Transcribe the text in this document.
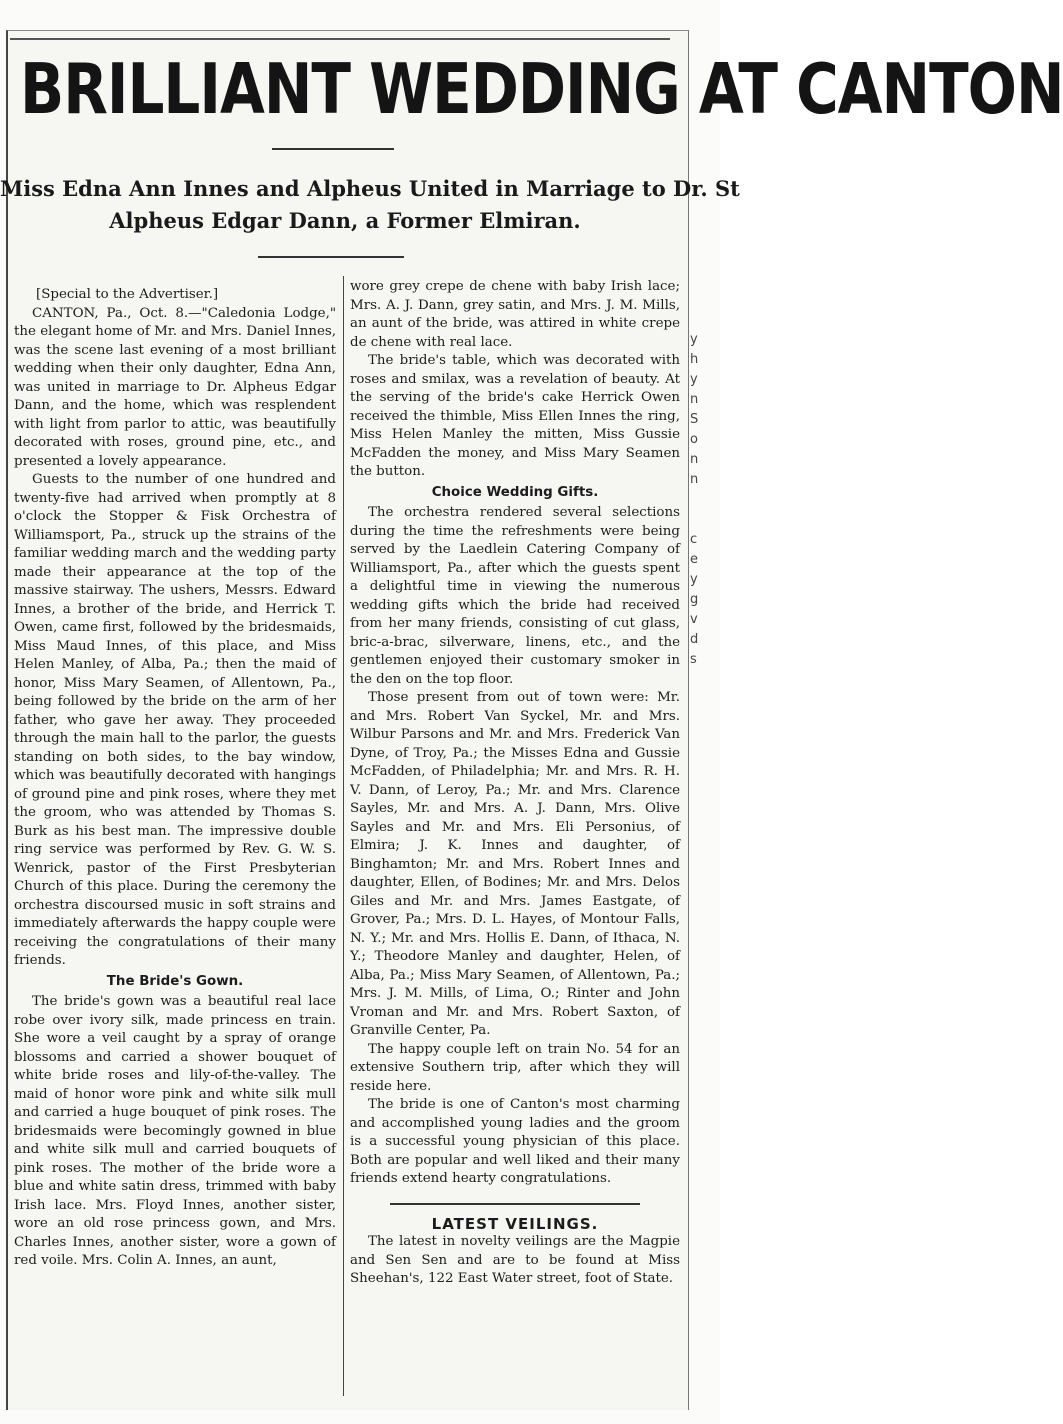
BRILLIANT WEDDING AT CANTON
Miss Edna Ann Innes and Alpheus United in Marriage to Dr. St
Alpheus Edgar Dann, a Former Elmiran.

[Special to the Advertiser.]

CANTON, Pa., Oct. 8.—"Caledonia Lodge," the elegant home of Mr. and Mrs. Daniel Innes, was the scene last evening of a most brilliant wedding when their only daughter, Edna Ann, was united in marriage to Dr. Alpheus Edgar Dann, and the home, which was resplendent with light from parlor to attic, was beautifully decorated with roses, ground pine, etc., and presented a lovely appearance.

Guests to the number of one hundred and twenty-five had arrived when promptly at 8 o'clock the Stopper & Fisk Orchestra of Williamsport, Pa., struck up the strains of the familiar wedding march and the wedding party made their appearance at the top of the massive stairway. The ushers, Messrs. Edward Innes, a brother of the bride, and Herrick T. Owen, came first, followed by the bridesmaids, Miss Maud Innes, of this place, and Miss Helen Manley, of Alba, Pa.; then the maid of honor, Miss Mary Seamen, of Allentown, Pa., being followed by the bride on the arm of her father, who gave her away. They proceeded through the main hall to the parlor, the guests standing on both sides, to the bay window, which was beautifully decorated with hangings of ground pine and pink roses, where they met the groom, who was attended by Thomas S. Burk as his best man. The impressive double ring service was performed by Rev. G. W. S. Wenrick, pastor of the First Presbyterian Church of this place. During the ceremony the orchestra discoursed music in soft strains and immediately afterwards the happy couple were receiving the congratulations of their many friends.

The Bride's Gown.

The bride's gown was a beautiful real lace robe over ivory silk, made princess en train. She wore a veil caught by a spray of orange blossoms and carried a shower bouquet of white bride roses and lily-of-the-valley. The maid of honor wore pink and white silk mull and carried a huge bouquet of pink roses. The bridesmaids were becomingly gowned in blue and white silk mull and carried bouquets of pink roses. The mother of the bride wore a blue and white satin dress, trimmed with baby Irish lace. Mrs. Floyd Innes, another sister, wore an old rose princess gown, and Mrs. Charles Innes, another sister, wore a gown of red voile. Mrs. Colin A. Innes, an aunt,

wore grey crepe de chene with baby Irish lace; Mrs. A. J. Dann, grey satin, and Mrs. J. M. Mills, an aunt of the bride, was attired in white crepe de chene with real lace.

The bride's table, which was decorated with roses and smilax, was a revelation of beauty. At the serving of the bride's cake Herrick Owen received the thimble, Miss Ellen Innes the ring, Miss Helen Manley the mitten, Miss Gussie McFadden the money, and Miss Mary Seamen the button.

Choice Wedding Gifts.

The orchestra rendered several selections during the time the refreshments were being served by the Laedlein Catering Company of Williamsport, Pa., after which the guests spent a delightful time in viewing the numerous wedding gifts which the bride had received from her many friends, consisting of cut glass, bric-a-brac, silverware, linens, etc., and the gentlemen enjoyed their customary smoker in the den on the top floor.

Those present from out of town were: Mr. and Mrs. Robert Van Syckel, Mr. and Mrs. Wilbur Parsons and Mr. and Mrs. Frederick Van Dyne, of Troy, Pa.; the Misses Edna and Gussie McFadden, of Philadelphia; Mr. and Mrs. R. H. V. Dann, of Leroy, Pa.; Mr. and Mrs. Clarence Sayles, Mr. and Mrs. A. J. Dann, Mrs. Olive Sayles and Mr. and Mrs. Eli Personius, of Elmira; J. K. Innes and daughter, of Binghamton; Mr. and Mrs. Robert Innes and daughter, Ellen, of Bodines; Mr. and Mrs. Delos Giles and Mr. and Mrs. James Eastgate, of Grover, Pa.; Mrs. D. L. Hayes, of Montour Falls, N. Y.; Mr. and Mrs. Hollis E. Dann, of Ithaca, N. Y.; Theodore Manley and daughter, Helen, of Alba, Pa.; Miss Mary Seamen, of Allentown, Pa.; Mrs. J. M. Mills, of Lima, O.; Rinter and John Vroman and Mr. and Mrs. Robert Saxton, of Granville Center, Pa.

The happy couple left on train No. 54 for an extensive Southern trip, after which they will reside here.

The bride is one of Canton's most charming and accomplished young ladies and the groom is a successful young physician of this place. Both are popular and well liked and their many friends extend hearty congratulations.

LATEST VEILINGS.

The latest in novelty veilings are the Magpie and Sen Sen and are to be found at Miss Sheehan's, 122 East Water street, foot of State.

y
h
y
n
S
o
n
n
c
e
y
g
v
d
s
